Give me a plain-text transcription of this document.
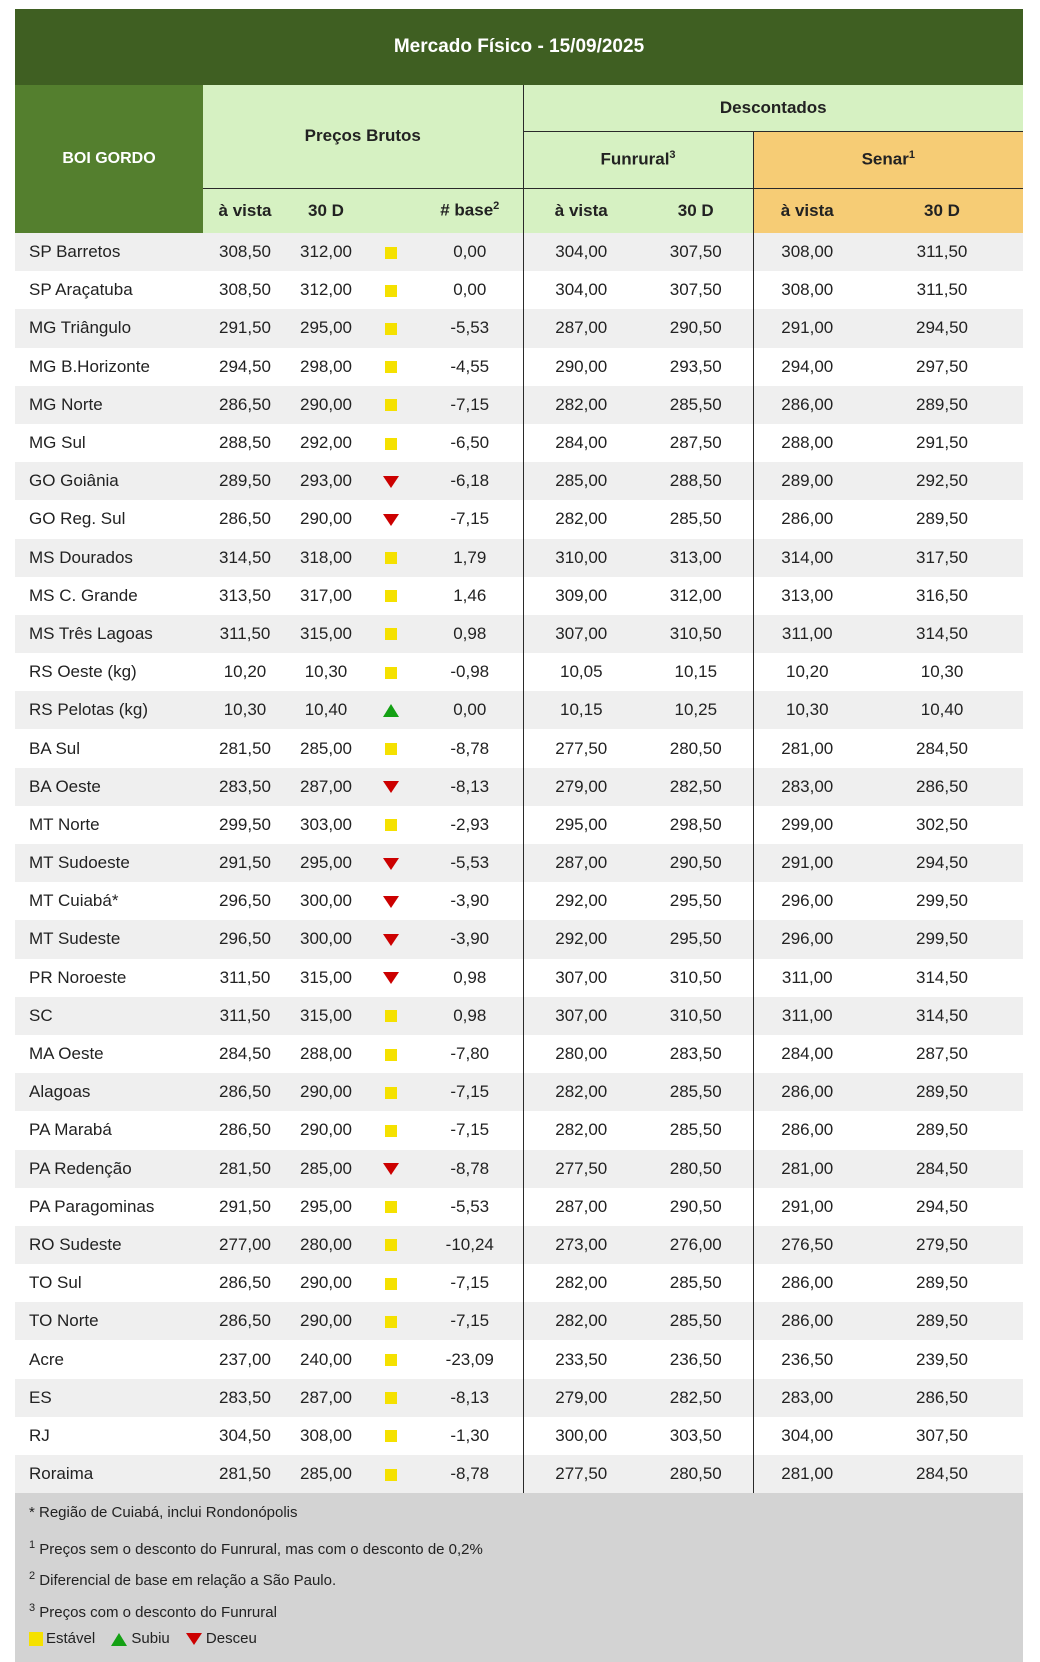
Mercado Físico - 15/09/2025
BOI GORDO	Preços Brutos				Descontados			
					Funrural$^3$		Senar$^1$
	à vista	30 D		# base$^2$	à vista	30 D	à vista	30 D
SP Barretos	308,50	312,00		0,00	304,00	307,50	308,00	311,50
SP Araçatuba	308,50	312,00		0,00	304,00	307,50	308,00	311,50
MG Triângulo	291,50	295,00		-5,53	287,00	290,50	291,00	294,50
MG B.Horizonte	294,50	298,00		-4,55	290,00	293,50	294,00	297,50
MG Norte	286,50	290,00		-7,15	282,00	285,50	286,00	289,50
MG Sul	288,50	292,00		-6,50	284,00	287,50	288,00	291,50
GO Goiânia	289,50	293,00		-6,18	285,00	288,50	289,00	292,50
GO Reg. Sul	286,50	290,00		-7,15	282,00	285,50	286,00	289,50
MS Dourados	314,50	318,00		1,79	310,00	313,00	314,00	317,50
MS C. Grande	313,50	317,00		1,46	309,00	312,00	313,00	316,50
MS Três Lagoas	311,50	315,00		0,98	307,00	310,50	311,00	314,50
RS Oeste (kg)	10,20	10,30		-0,98	10,05	10,15	10,20	10,30
RS Pelotas (kg)	10,30	10,40		0,00	10,15	10,25	10,30	10,40
BA Sul	281,50	285,00		-8,78	277,50	280,50	281,00	284,50
BA Oeste	283,50	287,00		-8,13	279,00	282,50	283,00	286,50
MT Norte	299,50	303,00		-2,93	295,00	298,50	299,00	302,50
MT Sudoeste	291,50	295,00		-5,53	287,00	290,50	291,00	294,50
MT Cuiabá*	296,50	300,00		-3,90	292,00	295,50	296,00	299,50
MT Sudeste	296,50	300,00		-3,90	292,00	295,50	296,00	299,50
PR Noroeste	311,50	315,00		0,98	307,00	310,50	311,00	314,50
SC	311,50	315,00		0,98	307,00	310,50	311,00	314,50
MA Oeste	284,50	288,00		-7,80	280,00	283,50	284,00	287,50
Alagoas	286,50	290,00		-7,15	282,00	285,50	286,00	289,50
PA Marabá	286,50	290,00		-7,15	282,00	285,50	286,00	289,50
PA Redenção	281,50	285,00		-8,78	277,50	280,50	281,00	284,50
PA Paragominas	291,50	295,00		-5,53	287,00	290,50	291,00	294,50
RO Sudeste	277,00	280,00		-10,24	273,00	276,00	276,50	279,50
TO Sul	286,50	290,00		-7,15	282,00	285,50	286,00	289,50
TO Norte	286,50	290,00		-7,15	282,00	285,50	286,00	289,50
Acre	237,00	240,00		-23,09	233,50	236,50	236,50	239,50
ES	283,50	287,00		-8,13	279,00	282,50	283,00	286,50
RJ	304,50	308,00		-1,30	300,00	303,50	304,00	307,50
Roraima	281,50	285,00		-8,78	277,50	280,50	281,00	284,50
* Região de Cuiabá, inclui Rondonópolis
$^1$ Preços sem o desconto do Funrural, mas com o desconto de 0,2%
$^2$ Diferencial de base em relação a São Paulo.
$^3$ Preços com o desconto do Funrural
Estável Subiu Desceu
